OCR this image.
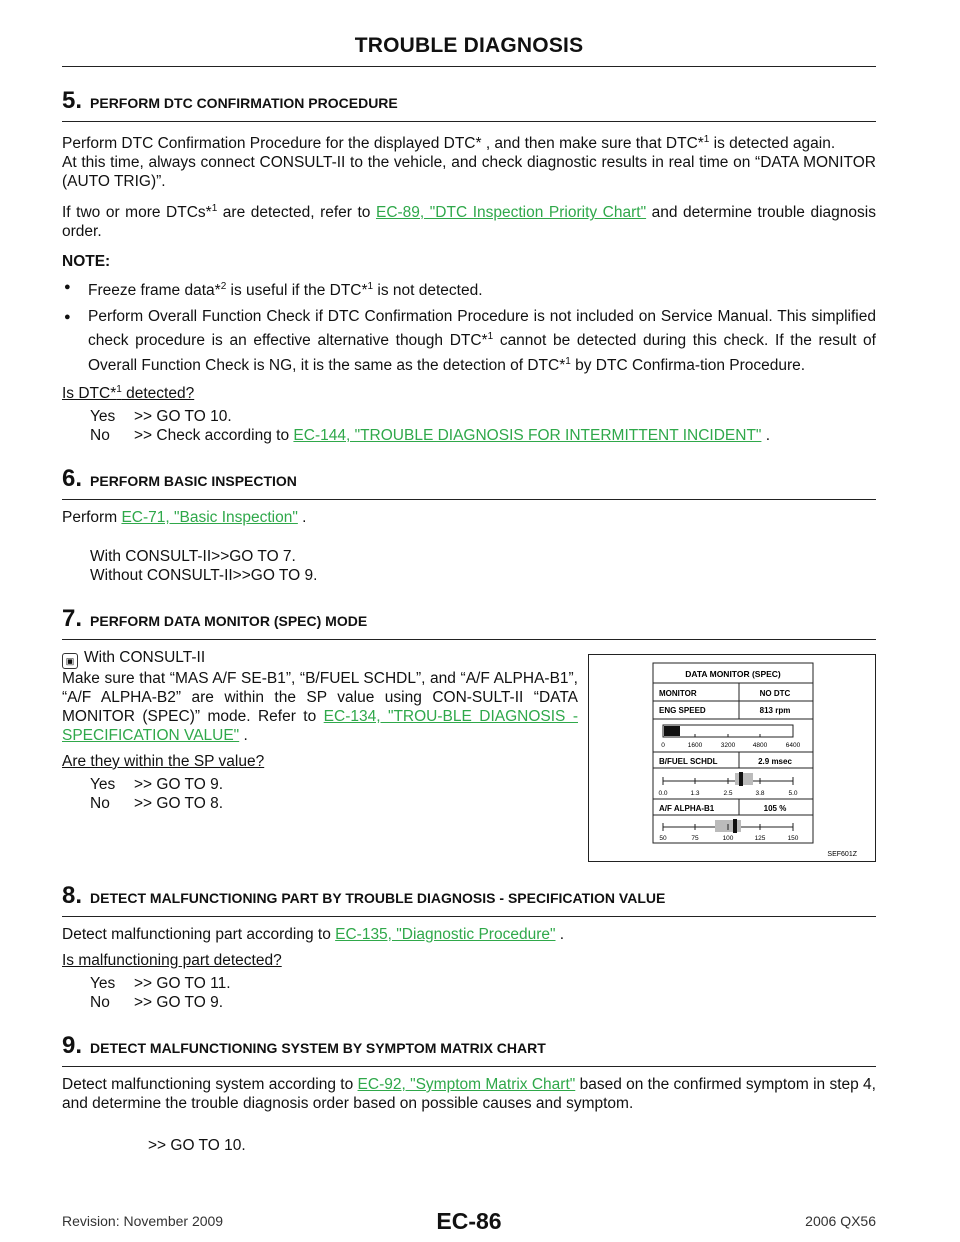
TROUBLE DIAGNOSIS
5. PERFORM DTC CONFIRMATION PROCEDURE

Perform DTC Confirmation Procedure for the displayed DTC* , and then make sure that DTC*$^1$ is detected again.

At this time, always connect CONSULT-II to the vehicle, and check diagnostic results in real time on “DATA MONITOR (AUTO TRIG)”.

If two or more DTCs*$^1$ are detected, refer to EC-89, "DTC Inspection Priority Chart" and determine trouble diagnosis order.

NOTE:
● Freeze frame data*$^2$ is useful if the DTC*$^1$ is not detected.
● Perform Overall Function Check if DTC Confirmation Procedure is not included on Service Manual. This simplified check procedure is an effective alternative though DTC*$^1$ cannot be detected during this check. If the result of Overall Function Check is NG, it is the same as the detection of DTC*$^1$ by DTC Confirma-tion Procedure.
Is DTC*$^1$ detected?
Yes	>> GO TO 10.
No	>> Check according to EC-144, "TROUBLE DIAGNOSIS FOR INTERMITTENT INCIDENT" .
6. PERFORM BASIC INSPECTION

Perform EC-71, "Basic Inspection" .

With CONSULT-II>>GO TO 7.
Without CONSULT-II>>GO TO 9.
7. PERFORM DATA MONITOR (SPEC) MODE

▣ With CONSULT-II

Make sure that “MAS A/F SE-B1”, “B/FUEL SCHDL”, and “A/F ALPHA-B1”, “A/F ALPHA-B2” are within the SP value using CON-SULT-II “DATA MONITOR (SPEC)” mode. Refer to EC-134, "TROU-BLE DIAGNOSIS - SPECIFICATION VALUE" .

Are they within the SP value?
Yes	>> GO TO 9.
No	>> GO TO 8.
DATA MONITOR (SPEC)
MONITOR	NO DTC
ENG SPEED	813 rpm
0	1600	3200	4800	6400
B/FUEL SCHDL	2.9 msec
0.0	1.3	2.5	3.8	5.0
A/F ALPHA-B1	105 %
50	75	100	125	150
SEF601Z
8. DETECT MALFUNCTIONING PART BY TROUBLE DIAGNOSIS - SPECIFICATION VALUE

Detect malfunctioning part according to EC-135, "Diagnostic Procedure" .

Is malfunctioning part detected?
Yes	>> GO TO 11.
No	>> GO TO 9.
9. DETECT MALFUNCTIONING SYSTEM BY SYMPTOM MATRIX CHART

Detect malfunctioning system according to EC-92, "Symptom Matrix Chart" based on the confirmed symptom in step 4, and determine the trouble diagnosis order based on possible causes and symptom.

>> GO TO 10.
Revision: November 2009	EC-86	2006 QX56
